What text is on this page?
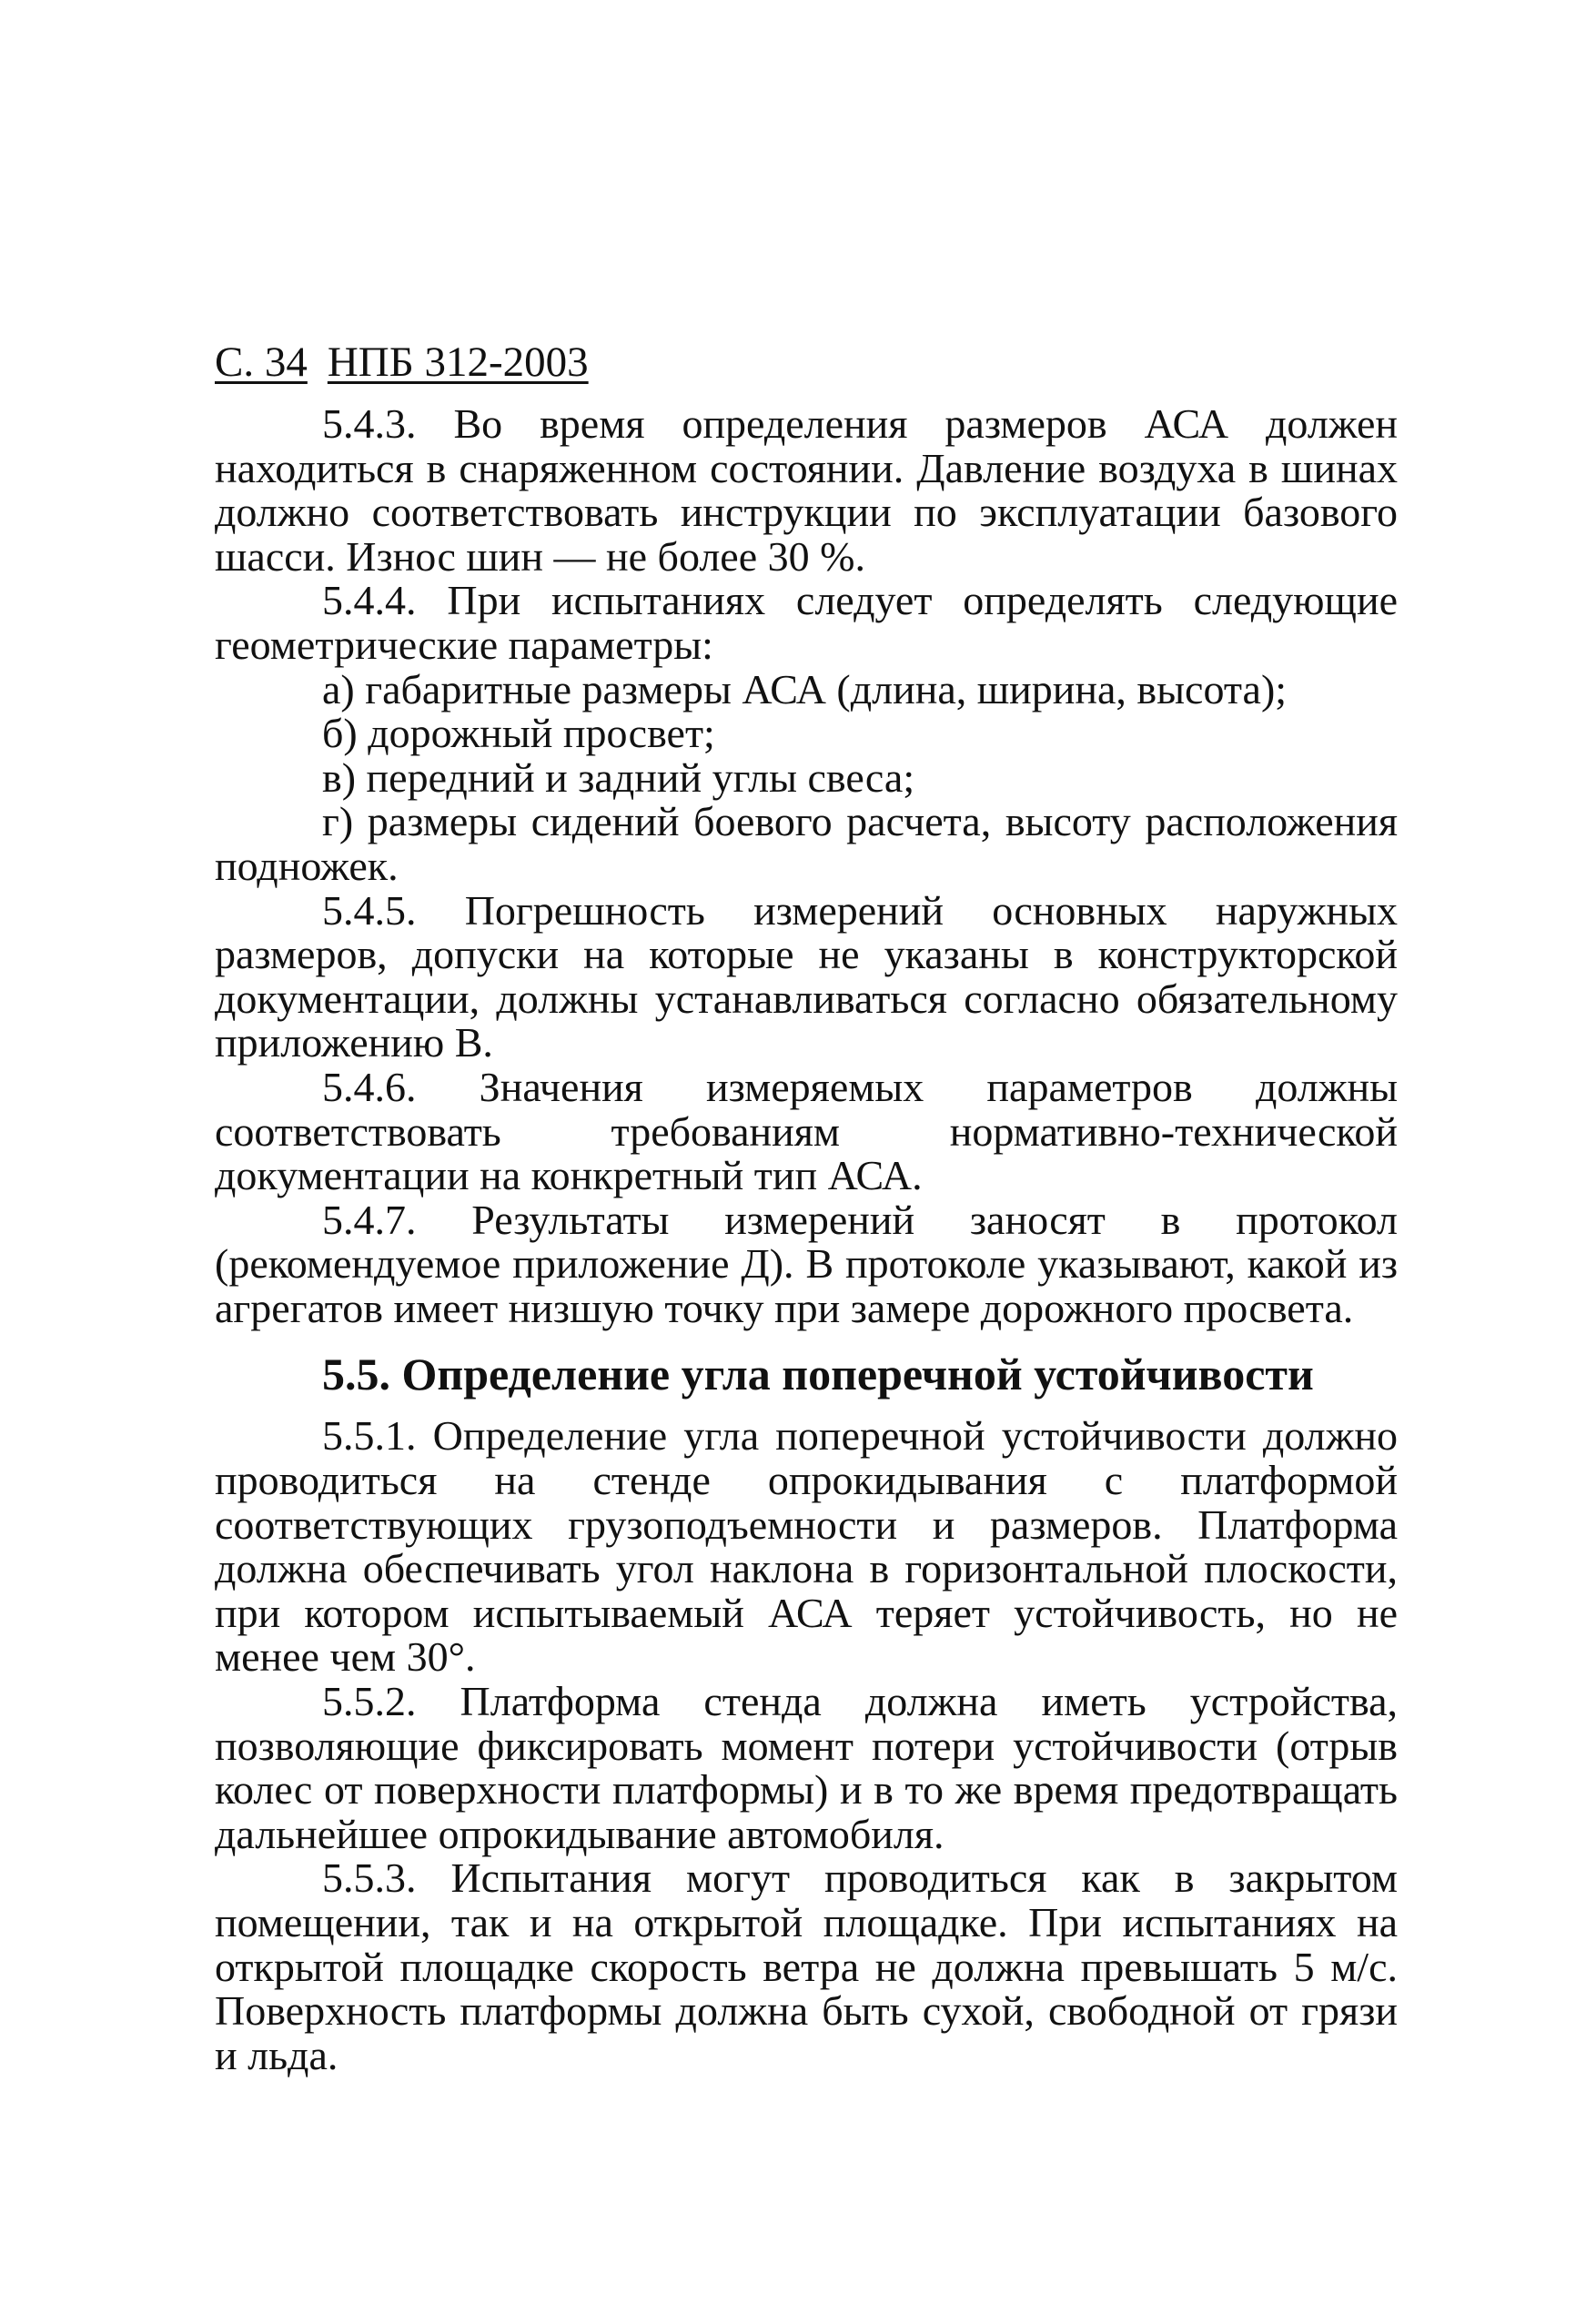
С. 34 НПБ 312-2003

5.4.3. Во время определения размеров АСА должен находиться в снаряженном состоянии. Давление воздуха в шинах должно соответствовать инструкции по эксплуатации базового шасси. Износ шин — не более 30 %.

5.4.4. При испытаниях следует определять следующие геометрические параметры:

а) габаритные размеры АСА (длина, ширина, высота);

б) дорожный просвет;

в) передний и задний углы свеса;

г) размеры сидений боевого расчета, высоту расположения подножек.

5.4.5. Погрешность измерений основных наружных размеров, допуски на которые не указаны в конструкторской документации, должны устанавливаться согласно обязательному приложению В.

5.4.6. Значения измеряемых параметров должны соответствовать требованиям нормативно-технической документации на конкретный тип АСА.

5.4.7. Результаты измерений заносят в протокол (рекомендуемое приложение Д). В протоколе указывают, какой из агрегатов имеет низшую точку при замере дорожного просвета.

5.5. Определение угла поперечной устойчивости

5.5.1. Определение угла поперечной устойчивости должно проводиться на стенде опрокидывания с платформой соответствующих грузоподъемности и размеров. Платформа должна обеспечивать угол наклона в горизонтальной плоскости, при котором испытываемый АСА теряет устойчивость, но не менее чем 30°.

5.5.2. Платформа стенда должна иметь устройства, позволяющие фиксировать момент потери устойчивости (отрыв колес от поверхности платформы) и в то же время предотвращать дальнейшее опрокидывание автомобиля.

5.5.3. Испытания могут проводиться как в закрытом помещении, так и на открытой площадке. При испытаниях на открытой площадке скорость ветра не должна превышать 5 м/с. Поверхность платформы должна быть сухой, свободной от грязи и льда.
